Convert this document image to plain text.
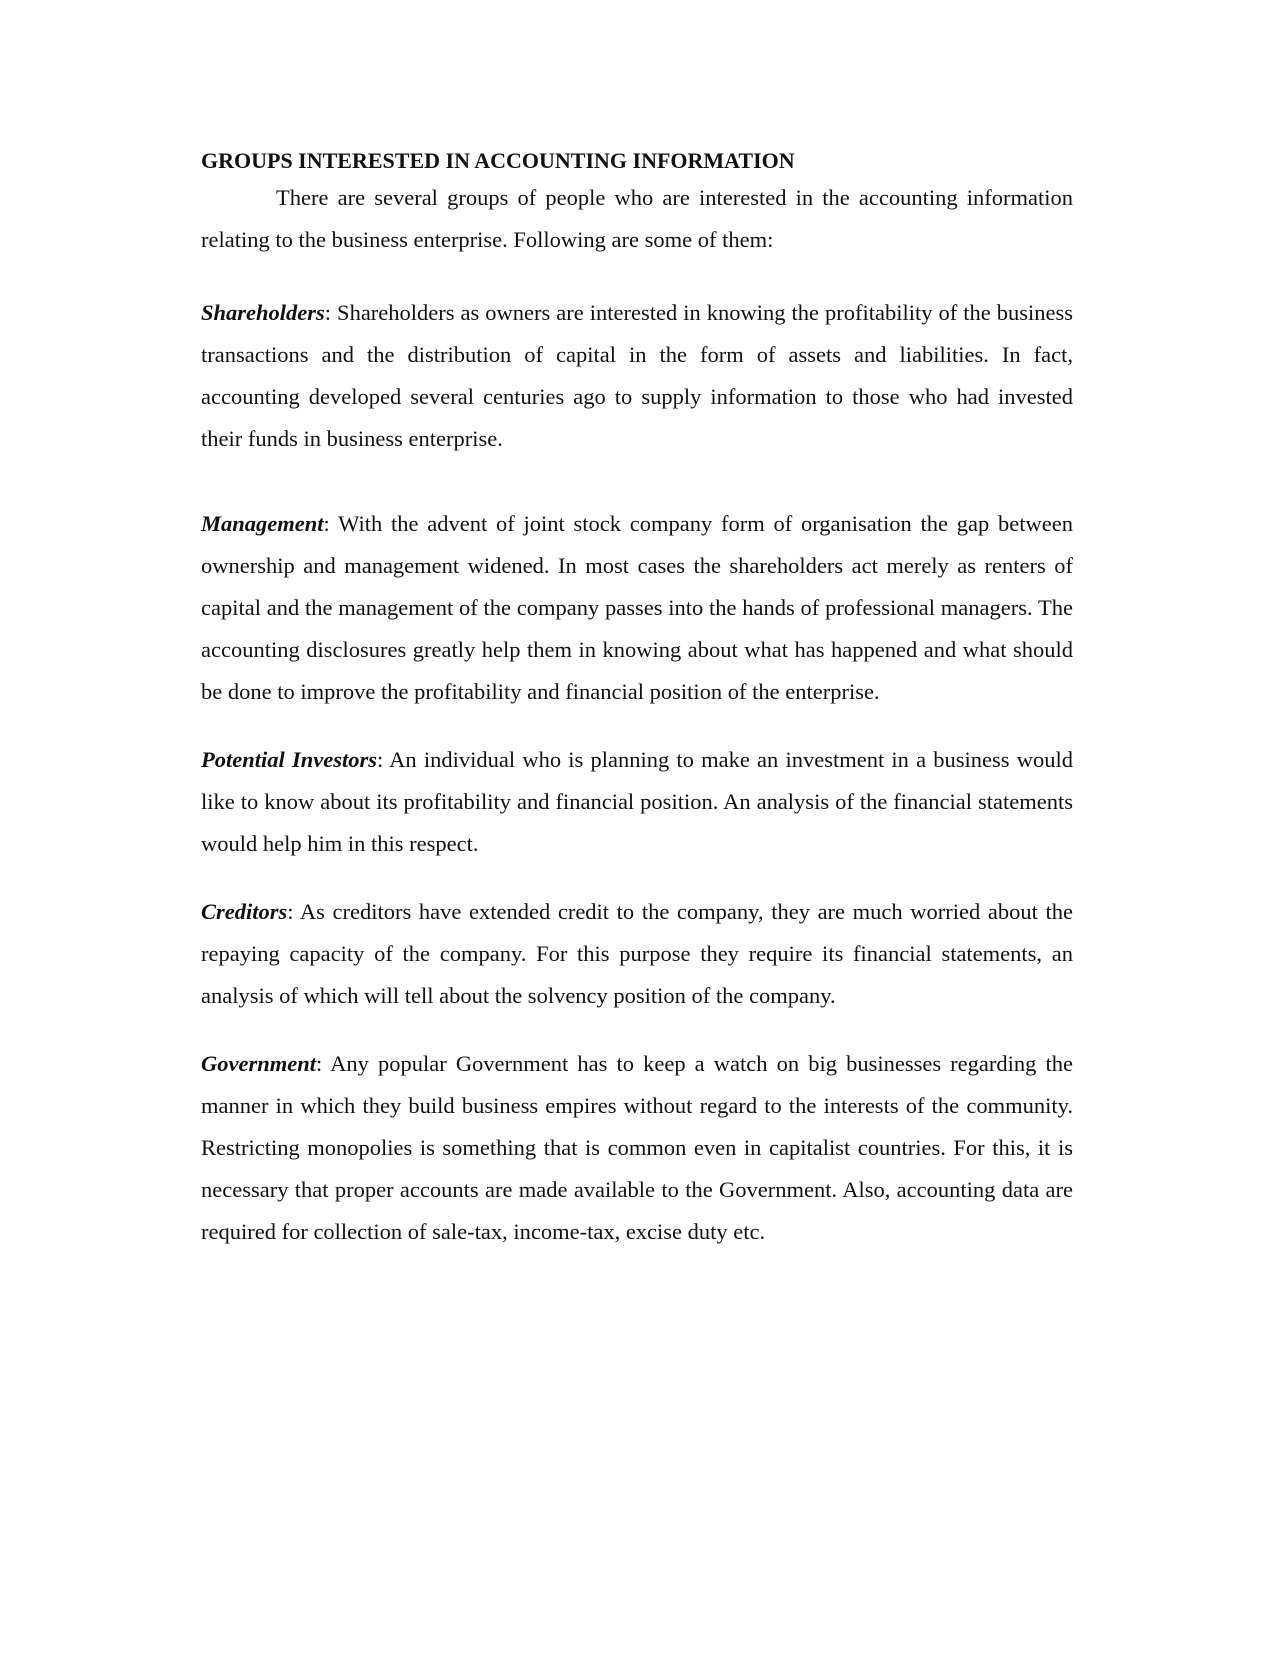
GROUPS INTERESTED IN ACCOUNTING INFORMATION

There are several groups of people who are interested in the accounting information relating to the business enterprise. Following are some of them:

Shareholders: Shareholders as owners are interested in knowing the profitability of the business transactions and the distribution of capital in the form of assets and liabilities. In fact, accounting developed several centuries ago to supply information to those who had invested their funds in business enterprise.

Management: With the advent of joint stock company form of organisation the gap between ownership and management widened. In most cases the shareholders act merely as renters of capital and the management of the company passes into the hands of professional managers. The accounting disclosures greatly help them in knowing about what has happened and what should be done to improve the profitability and financial position of the enterprise.

Potential Investors: An individual who is planning to make an investment in a business would like to know about its profitability and financial position. An analysis of the financial statements would help him in this respect.

Creditors: As creditors have extended credit to the company, they are much worried about the repaying capacity of the company. For this purpose they require its financial statements, an analysis of which will tell about the solvency position of the company.

Government: Any popular Government has to keep a watch on big businesses regarding the manner in which they build business empires without regard to the interests of the community. Restricting monopolies is something that is common even in capitalist countries. For this, it is necessary that proper accounts are made available to the Government. Also, accounting data are required for collection of sale-tax, income-tax, excise duty etc.
